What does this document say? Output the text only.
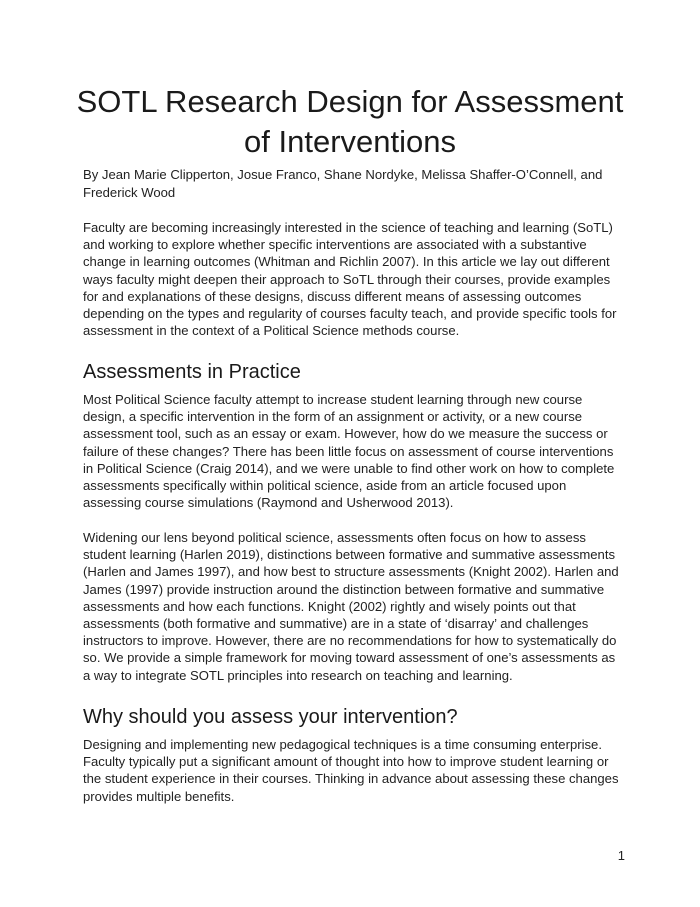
SOTL Research Design for Assessment of Interventions

By Jean Marie Clipperton, Josue Franco, Shane Nordyke, Melissa Shaffer-O’Connell, and Frederick Wood

Faculty are becoming increasingly interested in the science of teaching and learning (SoTL) and working to explore whether specific interventions are associated with a substantive change in learning outcomes (Whitman and Richlin 2007). In this article we lay out different ways faculty might deepen their approach to SoTL through their courses, provide examples for and explanations of these designs, discuss different means of assessing outcomes depending on the types and regularity of courses faculty teach, and provide specific tools for assessment in the context of a Political Science methods course.

Assessments in Practice

Most Political Science faculty attempt to increase student learning through new course design, a specific intervention in the form of an assignment or activity, or a new course assessment tool, such as an essay or exam. However, how do we measure the success or failure of these changes? There has been little focus on assessment of course interventions in Political Science (Craig 2014), and we were unable to find other work on how to complete assessments specifically within political science, aside from an article focused upon assessing course simulations (Raymond and Usherwood 2013).

Widening our lens beyond political science, assessments often focus on how to assess student learning (Harlen 2019), distinctions between formative and summative assessments (Harlen and James 1997), and how best to structure assessments (Knight 2002). Harlen and James (1997) provide instruction around the distinction between formative and summative assessments and how each functions. Knight (2002) rightly and wisely points out that assessments (both formative and summative) are in a state of ‘disarray’ and challenges instructors to improve. However, there are no recommendations for how to systematically do so. We provide a simple framework for moving toward assessment of one’s assessments as a way to integrate SOTL principles into research on teaching and learning.

Why should you assess your intervention?

Designing and implementing new pedagogical techniques is a time consuming enterprise. Faculty typically put a significant amount of thought into how to improve student learning or the student experience in their courses. Thinking in advance about assessing these changes provides multiple benefits.

1
